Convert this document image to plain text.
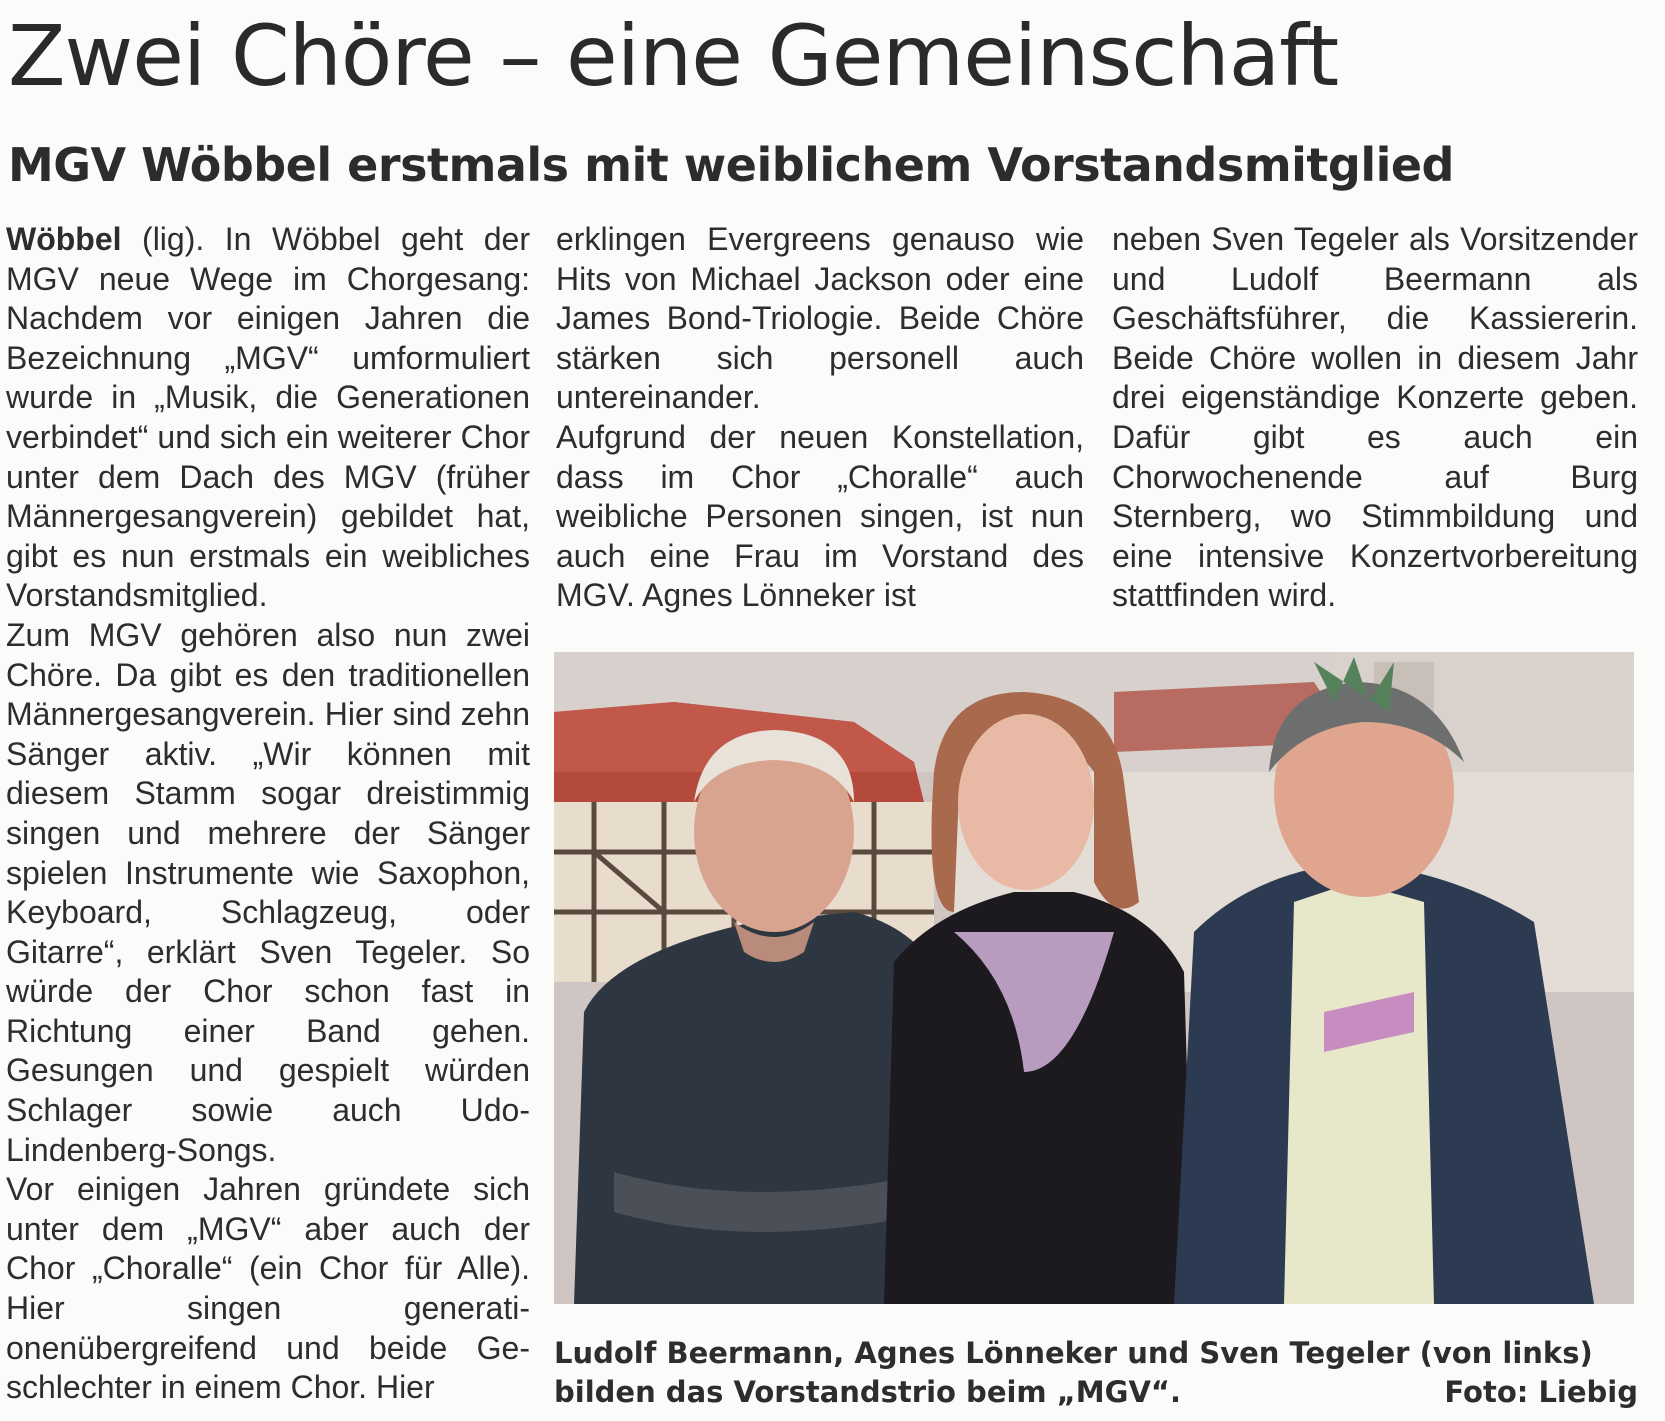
Zwei Chöre – eine Gemeinschaft
MGV Wöbbel erstmals mit weiblichem Vorstandsmitglied

Wöbbel (lig). In Wöbbel geht der MGV neue Wege im Chorgesang: Nachdem vor einigen Jahren die Bezeichnung „MGV“ umformuliert wurde in „Musik, die Generationen verbindet“ und sich ein weiterer Chor unter dem Dach des MGV (früher Männergesangverein) gebildet hat, gibt es nun erstmals ein weibliches Vorstandsmitglied.

Zum MGV gehören also nun zwei Chöre. Da gibt es den traditionellen Männergesangverein. Hier sind zehn Sänger aktiv. „Wir können mit diesem Stamm sogar dreistimmig singen und mehrere der Sänger spielen Instrumente wie Saxophon, Keyboard, Schlagzeug, oder Gitarre“, erklärt Sven Tegeler. So würde der Chor schon fast in Richtung einer Band gehen. Gesungen und gespielt würden Schlager sowie auch Udo-Lindenberg-Songs.

Vor einigen Jahren gründete sich unter dem „MGV“ aber auch der Chor „Choralle“ (ein Chor für Alle). Hier singen generationenübergreifend und beide Geschlechter in einem Chor. Hier

erklingen Evergreens genauso wie Hits von Michael Jackson oder eine James Bond-Triologie. Beide Chöre stärken sich personell auch untereinander.

Aufgrund der neuen Konstellation, dass im Chor „Choralle“ auch weibliche Personen singen, ist nun auch eine Frau im Vorstand des MGV. Agnes Lönneker ist

neben Sven Tegeler als Vorsitzender und Ludolf Beermann als Geschäftsführer, die Kassiererin. Beide Chöre wollen in diesem Jahr drei eigenständige Konzerte geben. Dafür gibt es auch ein Chorwochenende auf Burg Sternberg, wo Stimmbildung und eine intensive Konzertvorbereitung stattfinden wird.

Ludolf Beermann, Agnes Lönneker und Sven Tegeler (von links)

bilden das Vorstandstrio beim „MGV“.	Foto: Liebig
